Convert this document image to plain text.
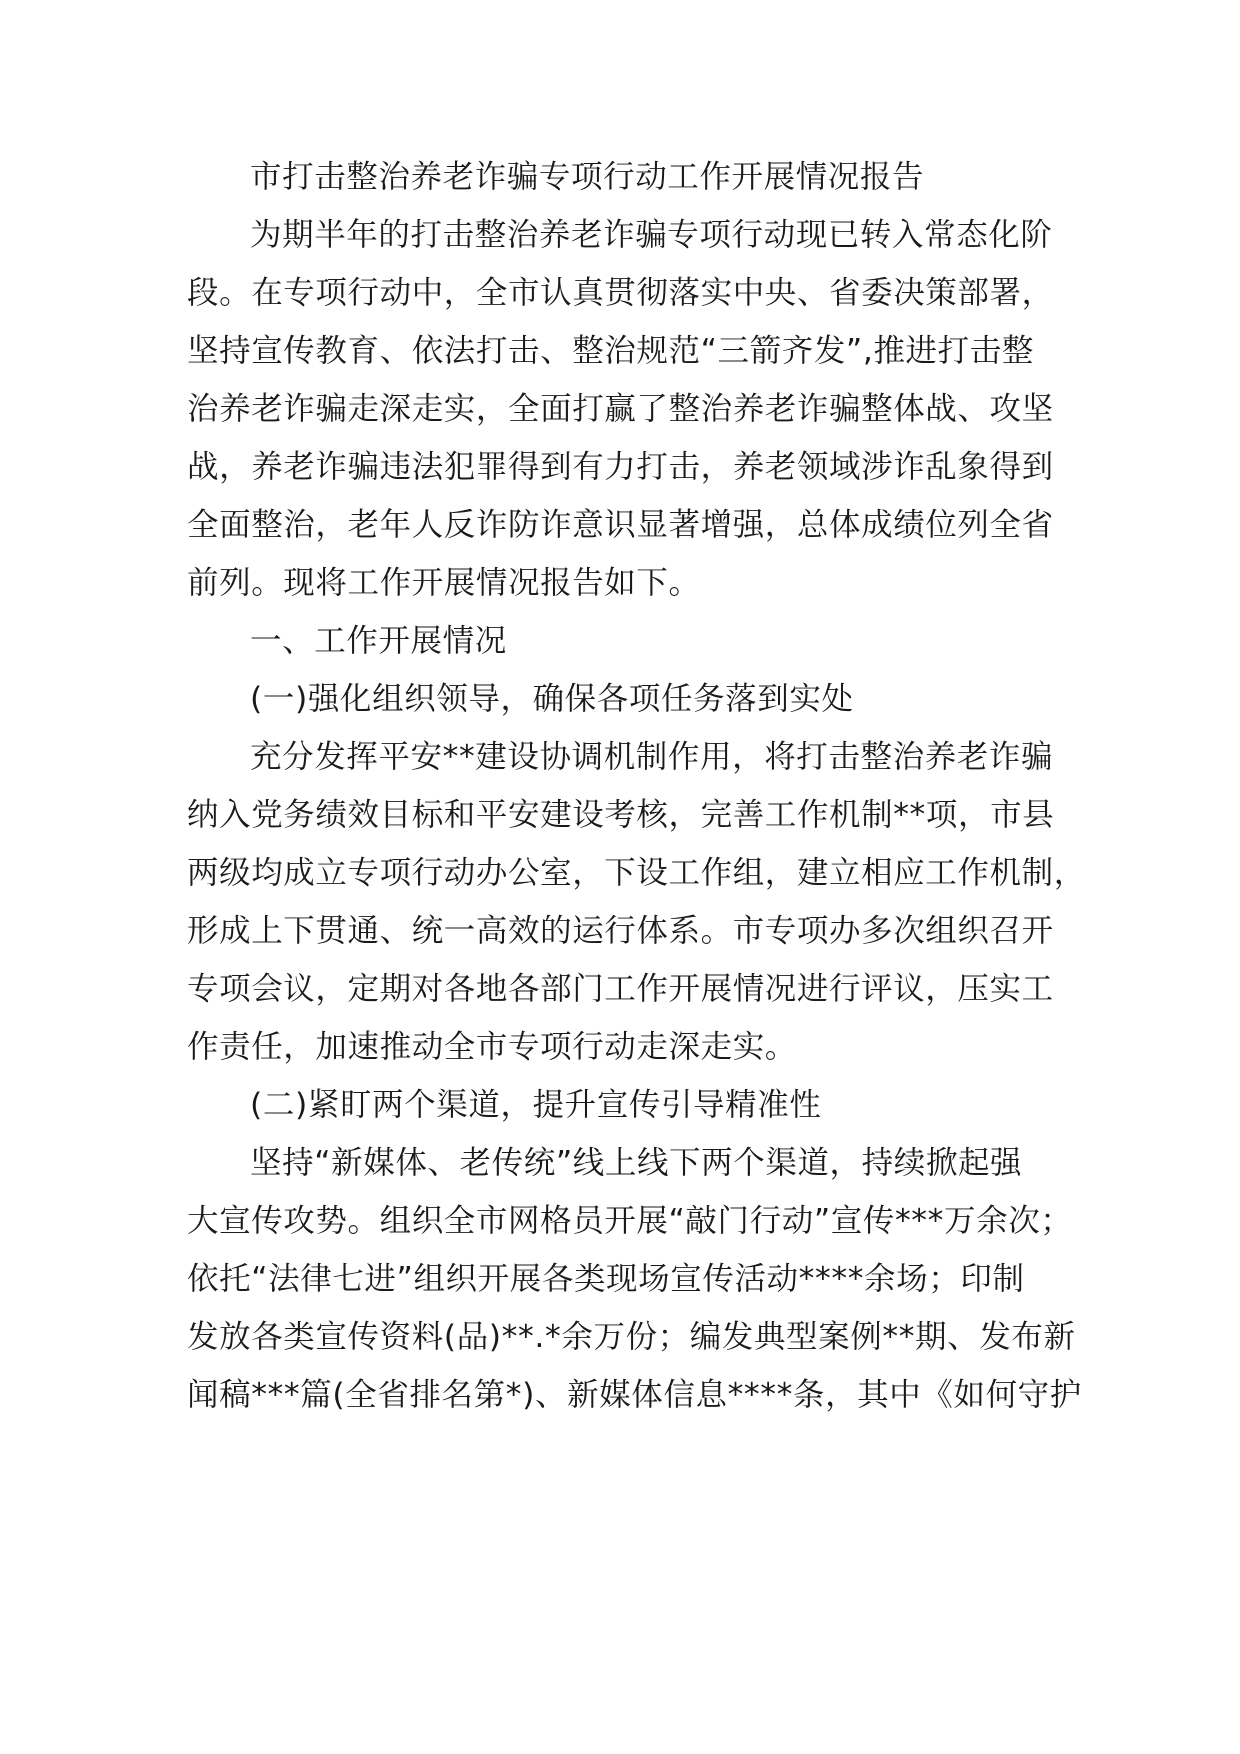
市打击整治养老诈骗专项行动工作开展情况报告
为期半年的打击整治养老诈骗专项行动现已转入常态化阶
段。在专项行动中，全市认真贯彻落实中央、省委决策部署，
坚持宣传教育、依法打击、整治规范“三箭齐发”,推进打击整
治养老诈骗走深走实，全面打赢了整治养老诈骗整体战、攻坚
战，养老诈骗违法犯罪得到有力打击，养老领域涉诈乱象得到
全面整治，老年人反诈防诈意识显著增强，总体成绩位列全省
前列。现将工作开展情况报告如下。
一、工作开展情况
(一)强化组织领导，确保各项任务落到实处
充分发挥平安**建设协调机制作用，将打击整治养老诈骗
纳入党务绩效目标和平安建设考核，完善工作机制**项，市县
两级均成立专项行动办公室，下设工作组，建立相应工作机制，
形成上下贯通、统一高效的运行体系。市专项办多次组织召开
专项会议，定期对各地各部门工作开展情况进行评议，压实工
作责任，加速推动全市专项行动走深走实。
(二)紧盯两个渠道，提升宣传引导精准性
坚持“新媒体、老传统”线上线下两个渠道，持续掀起强
大宣传攻势。组织全市网格员开展“敲门行动”宣传***万余次；
依托“法律七进”组织开展各类现场宣传活动****余场；印制
发放各类宣传资料(品)**.*余万份；编发典型案例**期、发布新
闻稿***篇(全省排名第*)、新媒体信息****条，其中《如何守护
